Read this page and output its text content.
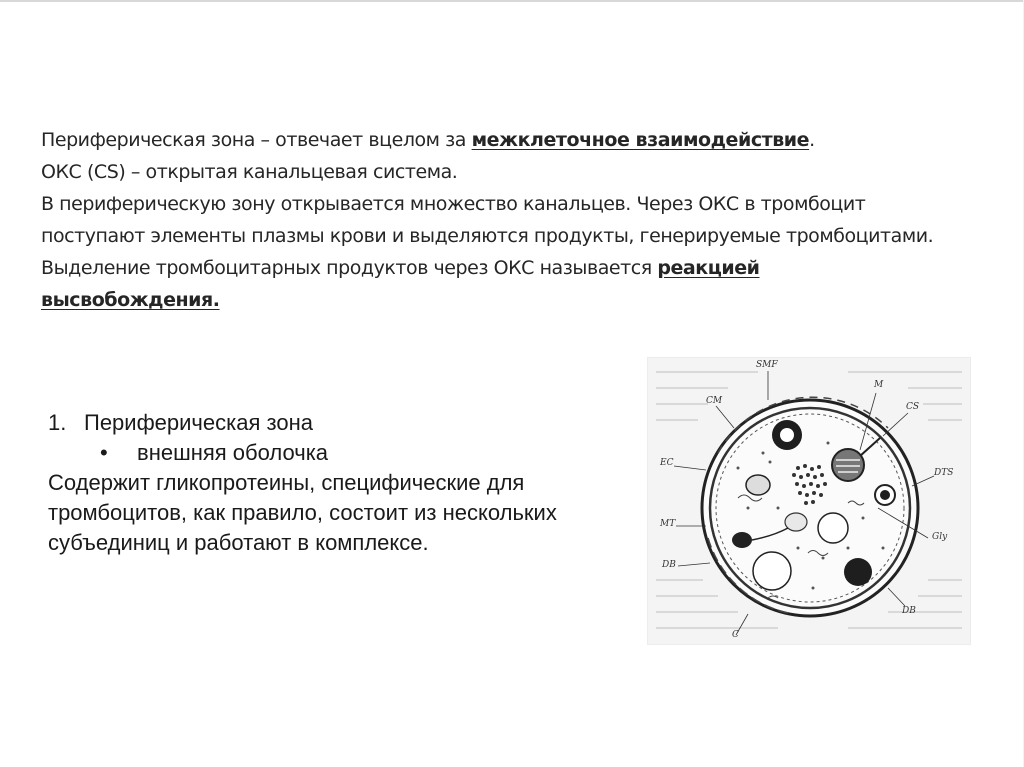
Периферическая зона – отвечает вцелом за межклеточное взаимодействие.

ОКС (CS) – открытая канальцевая система.

В периферическую зону открывается множество канальцев. Через ОКС в тромбоцит поступают элементы плазмы крови и выделяются продукты, генерируемые тромбоцитами.

Выделение тромбоцитарных продуктов через ОКС называется реакцией высвобождения.

1. Периферическая зона
•	внешняя оболочка

Содержит гликопротеины, специфические для тромбоцитов, как правило, состоит из нескольких субъединиц и работают в комплексе.

SMF
M
CM
CS
EC
DTS
MT
Gly
DB
DB
C
